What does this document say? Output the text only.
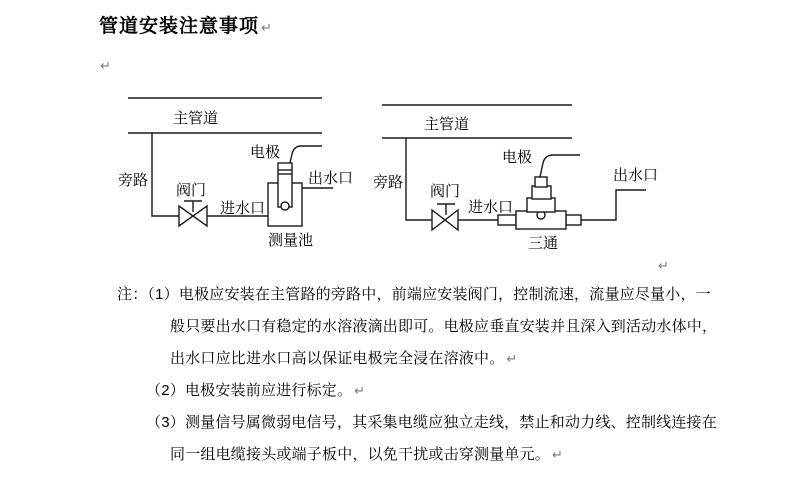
管道安装注意事项 ↵
↵
↵
主管道
旁路
阀门
进水口
电极
出水口
测量池
主管道
旁路
阀门
进水口
电极
出水口
三通
注：（1）电极应安装在主管路的旁路中，前端应安装阀门，控制流速，流量应尽量小，一
般只要出水口有稳定的水溶液滴出即可。电极应垂直安装并且深入到活动水体中，
出水口应比进水口高以保证电极完全浸在溶液中。 ↵
（2）电极安装前应进行标定。 ↵
（3）测量信号属微弱电信号，其采集电缆应独立走线，禁止和动力线、控制线连接在
同一组电缆接头或端子板中，以免干扰或击穿测量单元。 ↵
